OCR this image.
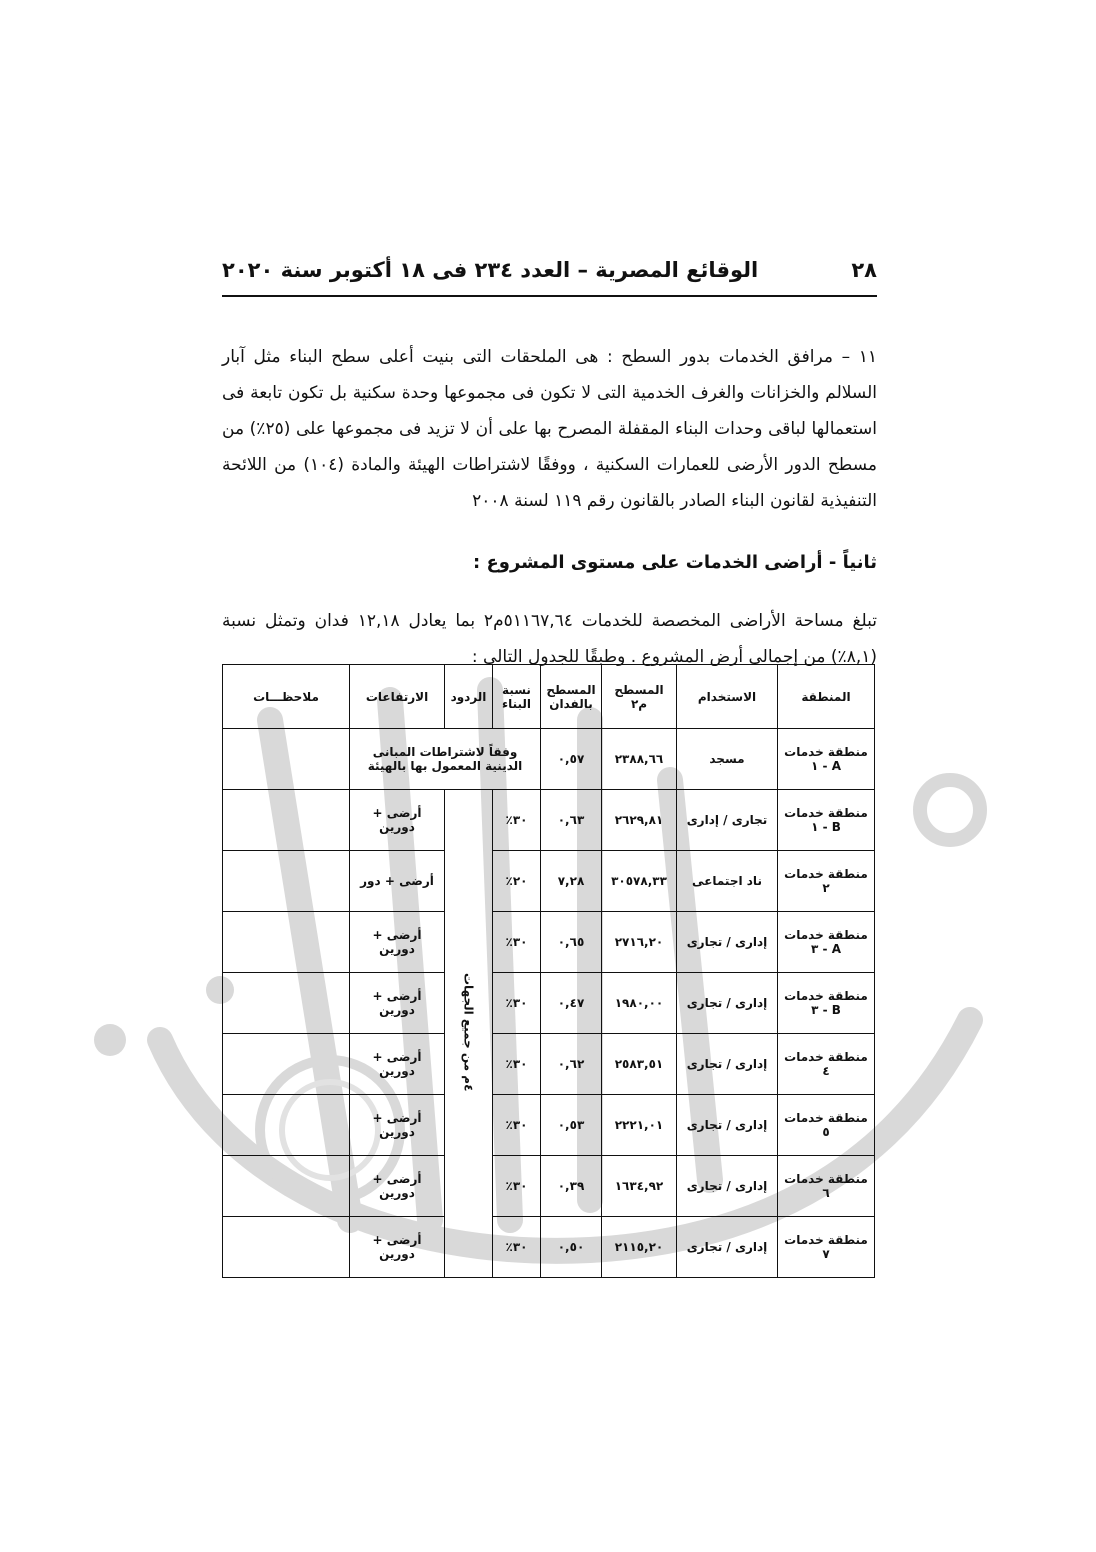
٢٨
الوقائع المصرية – العدد ٢٣٤ فى ١٨ أكتوبر سنة ٢٠٢٠

١١ – مرافق الخدمات بدور السطح : هى الملحقات التى بنيت أعلى سطح البناء مثل آبار السلالم والخزانات والغرف الخدمية التى لا تكون فى مجموعها وحدة سكنية بل تكون تابعة فى استعمالها لباقى وحدات البناء المقفلة المصرح بها على أن لا تزيد فى مجموعها على (٢٥٪) من مسطح الدور الأرضى للعمارات السكنية ، ووفقًا لاشتراطات الهيئة والمادة (١٠٤) من اللائحة التنفيذية لقانون البناء الصادر بالقانون رقم ١١٩ لسنة ٢٠٠٨

ثانياً - أراضى الخدمات على مستوى المشروع :

تبلغ مساحة الأراضى المخصصة للخدمات ٥١١٦٧,٦٤م٢ بما يعادل ١٢,١٨ فدان وتمثل نسبة (٨,١٪) من إجمالى أرض المشروع . وطبقًا للجدول التالى :

المنطقة	الاستخدام	المسطح م٢	المسطح بالفدان	نسبة البناء	الردود	الارتفاعات	ملاحظـــات
منطقة خدمات A - ١	مسجد	٢٣٨٨,٦٦	٠,٥٧	وفقاً لاشتراطات المبانى الدينية المعمول بها بالهيئة			
منطقة خدمات B - ١	تجارى / إدارى	٢٦٢٩,٨١	٠,٦٣	٣٠٪	٤م من جميع الجهات	أرضى + دورين	
منطقة خدمات ٢	ناد اجتماعى	٣٠٥٧٨,٣٣	٧,٢٨	٢٠٪		أرضى + دور	
منطقة خدمات A - ٣	إدارى / تجارى	٢٧١٦,٢٠	٠,٦٥	٣٠٪		أرضى + دورين	
منطقة خدمات B - ٣	إدارى / تجارى	١٩٨٠,٠٠	٠,٤٧	٣٠٪		أرضى + دورين	
منطقة خدمات ٤	إدارى / تجارى	٢٥٨٣,٥١	٠,٦٢	٣٠٪		أرضى + دورين	
منطقة خدمات ٥	إدارى / تجارى	٢٢٢١,٠١	٠,٥٣	٣٠٪		أرضى + دورين	
منطقة خدمات ٦	إدارى / تجارى	١٦٣٤,٩٢	٠,٣٩	٣٠٪		أرضى + دورين	
منطقة خدمات ٧	إدارى / تجارى	٢١١٥,٢٠	٠,٥٠	٣٠٪		أرضى + دورين	
